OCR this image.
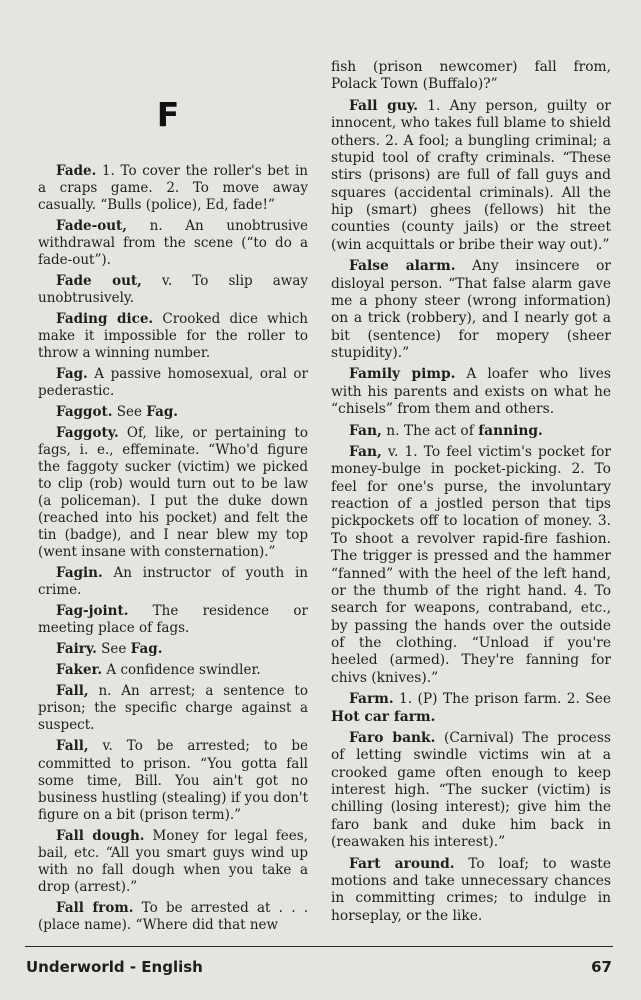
Fade. 1. To cover the roller's bet in a craps game. 2. To move away casually. “Bulls (police), Ed, fade!”

Fade-out, n. An unobtrusive withdrawal from the scene (“to do a fade-out”).

Fade out, v. To slip away unobtrusively.

Fading dice. Crooked dice which make it impossible for the roller to throw a winning number.

Fag. A passive homosexual, oral or pederastic.

Faggot. See Fag.

Faggoty. Of, like, or pertaining to fags, i. e., effeminate. “Who'd figure the faggoty sucker (victim) we picked to clip (rob) would turn out to be law (a policeman). I put the duke down (reached into his pocket) and felt the tin (badge), and I near blew my top (went insane with consternation).”

Fagin. An instructor of youth in crime.

Fag-joint. The residence or meeting place of fags.

Fairy. See Fag.

Faker. A confidence swindler.

Fall, n. An arrest; a sentence to prison; the specific charge against a suspect.

Fall, v. To be arrested; to be committed to prison. “You gotta fall some time, Bill. You ain't got no business hustling (stealing) if you don't figure on a bit (prison term).”

Fall dough. Money for legal fees, bail, etc. “All you smart guys wind up with no fall dough when you take a drop (arrest).”

Fall from. To be arrested at . . . (place name). “Where did that new

F

fish (prison newcomer) fall from, Polack Town (Buffalo)?”

Fall guy. 1. Any person, guilty or innocent, who takes full blame to shield others. 2. A fool; a bungling criminal; a stupid tool of crafty criminals. “These stirs (prisons) are full of fall guys and squares (accidental criminals). All the hip (smart) ghees (fellows) hit the counties (county jails) or the street (win acquittals or bribe their way out).”

False alarm. Any insincere or disloyal person. “That false alarm gave me a phony steer (wrong information) on a trick (robbery), and I nearly got a bit (sentence) for mopery (sheer stupidity).”

Family pimp. A loafer who lives with his parents and exists on what he “chisels” from them and others.

Fan, n. The act of fanning.

Fan, v. 1. To feel victim's pocket for money-bulge in pocket-picking. 2. To feel for one's purse, the involuntary reaction of a jostled person that tips pickpockets off to location of money. 3. To shoot a revolver rapid-fire fashion. The trigger is pressed and the hammer “fanned” with the heel of the left hand, or the thumb of the right hand. 4. To search for weapons, contraband, etc., by passing the hands over the outside of the clothing. “Unload if you're heeled (armed). They're fanning for chivs (knives).”

Farm. 1. (P) The prison farm. 2. See Hot car farm.

Faro bank. (Carnival) The process of letting swindle victims win at a crooked game often enough to keep interest high. “The sucker (victim) is chilling (losing interest); give him the faro bank and duke him back in (reawaken his interest).”

Fart around. To loaf; to waste motions and take unnecessary chances in committing crimes; to indulge in horseplay, or the like.

Underworld - English	67
